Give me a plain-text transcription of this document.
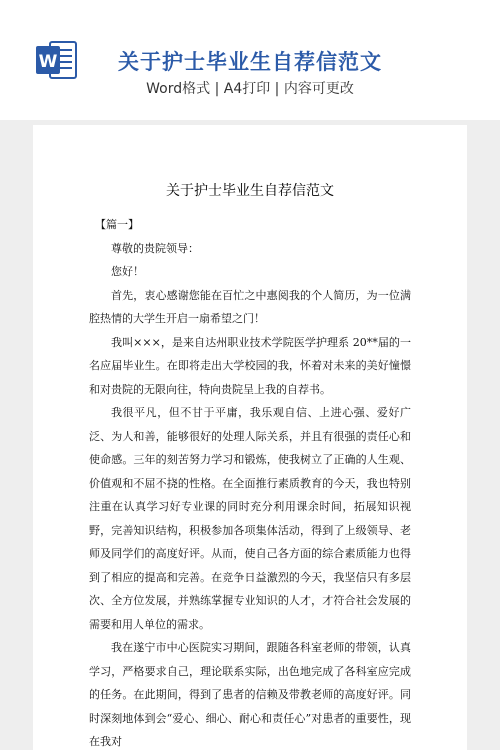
W	关于护士毕业生自荐信范文
Word格式 | A4打印 | 内容可更改
关于护士毕业生自荐信范文

【篇一】

尊敬的贵院领导：

您好！

首先，衷心感谢您能在百忙之中惠阅我的个人简历，为一位满腔热情的大学生开启一扇希望之门！

我叫×××，是来自达州职业技术学院医学护理系 20**届的一名应届毕业生。在即将走出大学校园的我，怀着对未来的美好憧憬和对贵院的无限向往，特向贵院呈上我的自荐书。

我很平凡，但不甘于平庸，我乐观自信、上进心强、爱好广泛、为人和善，能够很好的处理人际关系，并且有很强的责任心和使命感。三年的刻苦努力学习和锻炼，使我树立了正确的人生观、价值观和不屈不挠的性格。在全面推行素质教育的今天，我也特别注重在认真学习好专业课的同时充分利用课余时间，拓展知识视野，完善知识结构，积极参加各项集体活动，得到了上级领导、老师及同学们的高度好评。从而，使自己各方面的综合素质能力也得到了相应的提高和完善。在竞争日益激烈的今天，我坚信只有多层次、全方位发展，并熟练掌握专业知识的人才，才符合社会发展的需要和用人单位的需求。

我在遂宁市中心医院实习期间，跟随各科室老师的带领，认真学习，严格要求自己，理论联系实际，出色地完成了各科室应完成的任务。在此期间，得到了患者的信赖及带教老师的高度好评。同时深刻地体到会“爱心、细心、耐心和责任心”对患者的重要性，现在我对
